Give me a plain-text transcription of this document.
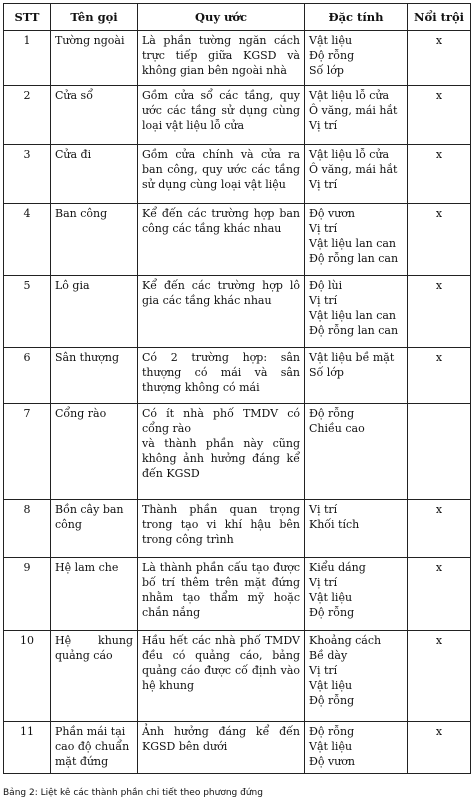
STT	Tên gọi	Quy ước	Đặc tính	Nổi trội
1	Tường ngoài	Là phần tường ngăn cách trực tiếp giữa KGSD và không gian bên ngoài nhà	Vật liệu
Độ rỗng
Số lớp	x
2	Cửa sổ	Gồm cửa sổ các tầng, quy ước các tầng sử dụng cùng loại vật liệu lỗ cửa	Vật liệu lỗ cửa
Ô văng, mái hắt
Vị trí	x
3	Cửa đi	Gồm cửa chính và cửa ra ban công, quy ước các tầng sử dụng cùng loại vật liệu	Vật liệu lỗ cửa
Ô văng, mái hắt
Vị trí	x
4	Ban công	Kể đến các trường hợp ban công các tầng khác nhau	Độ vươn
Vị trí
Vật liệu lan can
Độ rỗng lan can	x
5	Lô gia	Kể đến các trường hợp lô gia các tầng khác nhau	Độ lùi
Vị trí
Vật liệu lan can
Độ rỗng lan can	x
6	Sân thượng	Có 2 trường hợp: sân thượng có mái và sân thượng không có mái	Vật liệu bề mặt
Số lớp	x
7	Cổng rào	Có ít nhà phố TMDV có cổng rào
và thành phần này cũng không ảnh hưởng đáng kể đến KGSD	Độ rỗng
Chiều cao	

8	Bồn cây ban công	Thành phần quan trọng trong tạo vi khí hậu bên trong công trình	Vị trí
Khối tích	x
9	Hệ lam che	Là thành phần cấu tạo được bố trí thêm trên mặt đứng nhằm tạo thẩm mỹ hoặc chắn nắng	Kiểu dáng
Vị trí
Vật liệu
Độ rỗng	x
10	Hệ khung quảng cáo	Hầu hết các nhà phố TMDV đều có quảng cáo, bảng quảng cáo được cố định vào hệ khung	Khoảng cách
Bề dày
Vị trí
Vật liệu
Độ rỗng	x
11	Phần mái tại cao độ chuẩn mặt đứng	Ảnh hưởng đáng kể đến KGSD bên dưới	Độ rỗng
Vật liệu
Độ vươn	x
Bảng 2: Liệt kê các thành phần chi tiết theo phương đứng
